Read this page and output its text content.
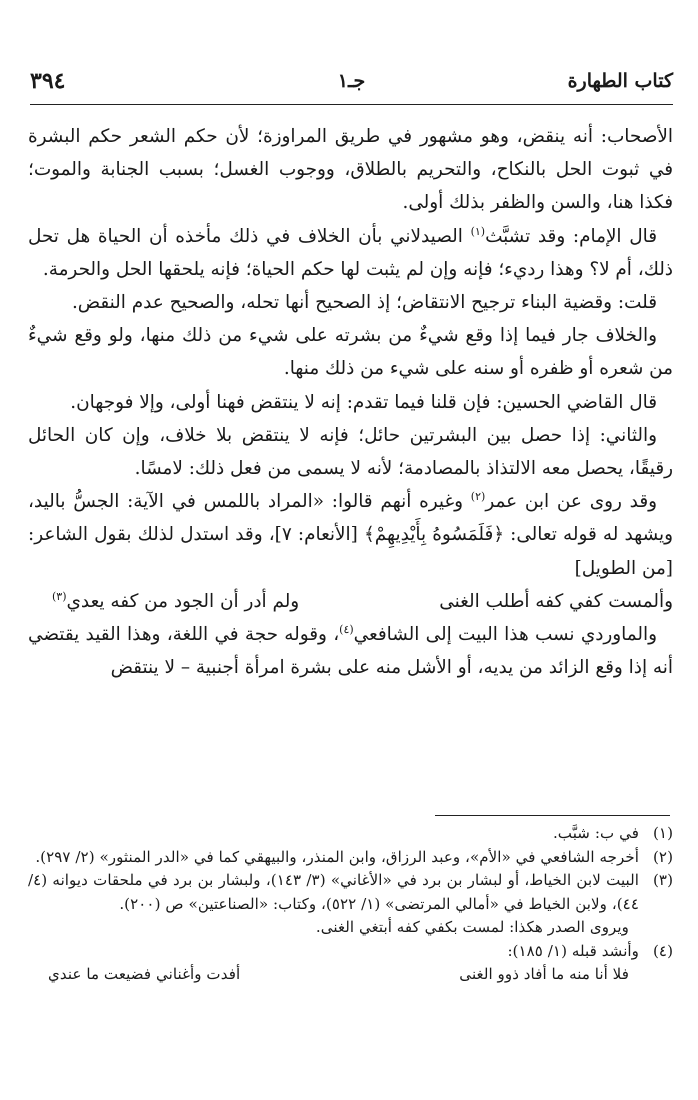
كتاب الطهارة
جـ١
٣٩٤

الأصحاب: أنه ينقض، وهو مشهور في طريق المراوزة؛ لأن حكم الشعر حكم البشرة في ثبوت الحل بالنكاح، والتحريم بالطلاق، ووجوب الغسل؛ بسبب الجنابة والموت؛ فكذا هنا، والسن والظفر بذلك أولى.

قال الإمام: وقد تشبَّث$^{(١)}$ الصيدلاني بأن الخلاف في ذلك مأخذه أن الحياة هل تحل ذلك، أم لا؟ وهذا رديء؛ فإنه وإن لم يثبت لها حكم الحياة؛ فإنه يلحقها الحل والحرمة.

قلت: وقضية البناء ترجيح الانتقاض؛ إذ الصحيح أنها تحله، والصحيح عدم النقض.

والخلاف جار فيما إذا وقع شيءٌ من بشرته على شيء من ذلك منها، ولو وقع شيءٌ من شعره أو ظفره أو سنه على شيء من ذلك منها.

قال القاضي الحسين: فإن قلنا فيما تقدم: إنه لا ينتقض فهنا أولى، وإلا فوجهان.

والثاني: إذا حصل بين البشرتين حائل؛ فإنه لا ينتقض بلا خلاف، وإن كان الحائل رقيقًا، يحصل معه الالتذاذ بالمصادمة؛ لأنه لا يسمى من فعل ذلك: لامسًا.

وقد روى عن ابن عمر$^{(٢)}$ وغيره أنهم قالوا: «المراد باللمس في الآية: الجسُّ باليد، ويشهد له قوله تعالى: ﴿فَلَمَسُوهُ بِأَيْدِيهِمْ﴾ [الأنعام: ٧]، وقد استدل لذلك بقول الشاعر: [من الطويل]

وألمست كفي كفه أطلب الغنى
ولم أدر أن الجود من كفه يعدي$^{(٣)}$

والماوردي نسب هذا البيت إلى الشافعي$^{(٤)}$، وقوله حجة في اللغة، وهذا القيد يقتضي أنه إذا وقع الزائد من يديه، أو الأشل منه على بشرة امرأة أجنبية – لا ينتقض

(١)
في ب: شبَّب.
(٢)
أخرجه الشافعي في «الأم»، وعبد الرزاق، وابن المنذر، والبيهقي كما في «الدر المنثور» (٢/ ٢٩٧).
(٣)
البيت لابن الخياط، أو لبشار بن برد في «الأغاني» (٣/ ١٤٣)، ولبشار بن برد في ملحقات ديوانه (٤/ ٤٤)، ولابن الخياط في «أمالي المرتضى» (١/ ٥٢٢)، وكتاب: «الصناعتين» ص (٢٠٠).
ويروى الصدر هكذا: لمست بكفي كفه أبتغي الغنى.
(٤)
وأنشد قبله (١/ ١٨٥):
فلا أنا منه ما أفاد ذوو الغنى
أفدت وأغناني فضيعت ما عندي
